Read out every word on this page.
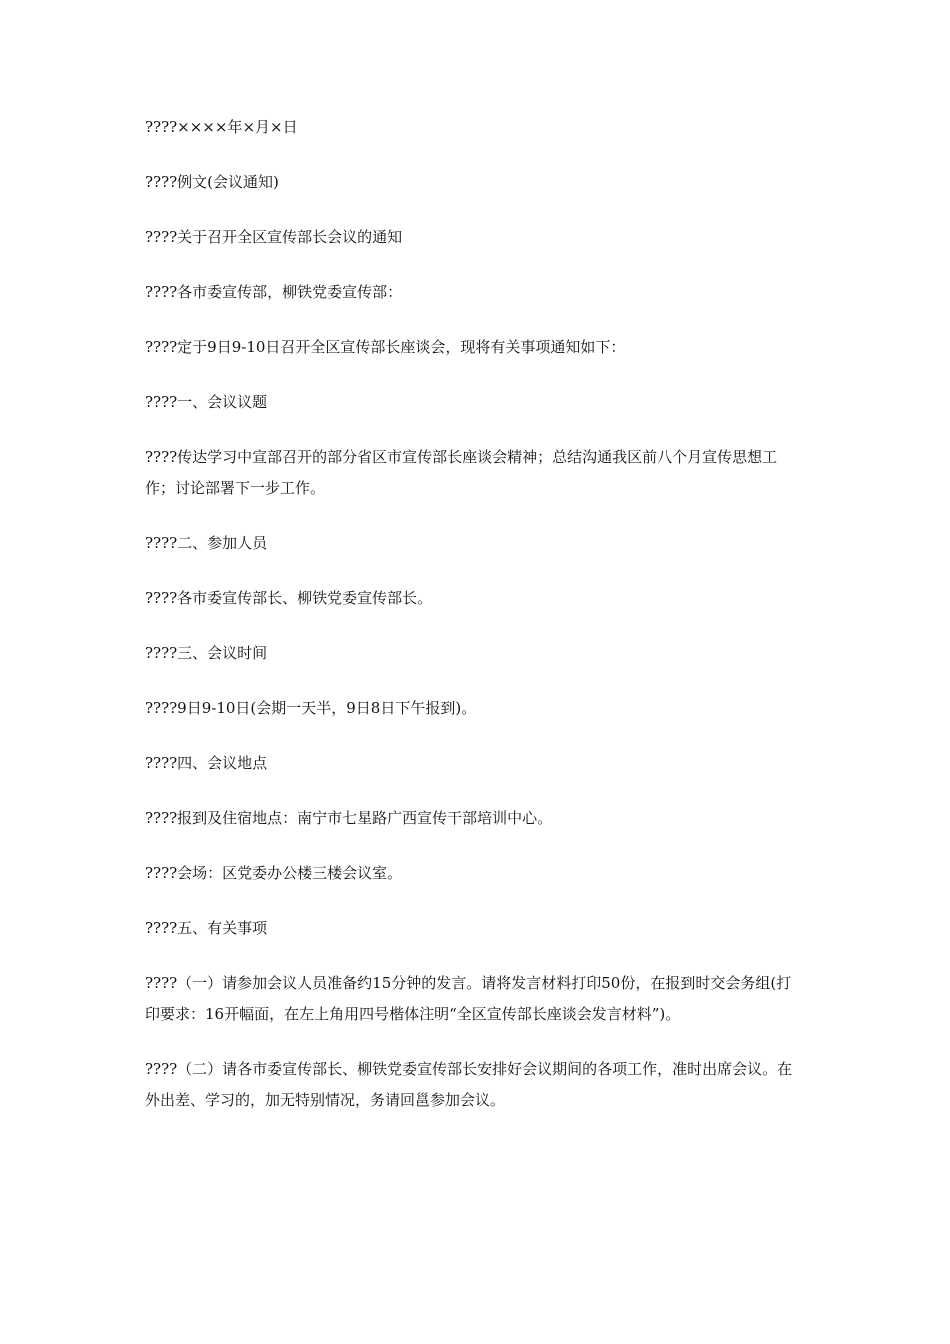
????××××年×月×日

????例文(会议通知)

????关于召开全区宣传部长会议的通知

????各市委宣传部，柳铁党委宣传部：

????定于9日9-10日召开全区宣传部长座谈会，现将有关事项通知如下：

????一、会议议题

????传达学习中宣部召开的部分省区市宣传部长座谈会精神；总结沟通我区前八个月宣传思想工作；讨论部署下一步工作。

????二、参加人员

????各市委宣传部长、柳铁党委宣传部长。

????三、会议时间

????9日9-10日(会期一天半，9日8日下午报到)。

????四、会议地点

????报到及住宿地点：南宁市七星路广西宣传干部培训中心。

????会场：区党委办公楼三楼会议室。

????五、有关事项

????（一）请参加会议人员准备约15分钟的发言。请将发言材料打印50份，在报到时交会务组(打印要求：16开幅面，在左上角用四号楷体注明“全区宣传部长座谈会发言材料”)。

????（二）请各市委宣传部长、柳铁党委宣传部长安排好会议期间的各项工作，准时出席会议。在外出差、学习的，加无特别情况，务请回邕参加会议。
